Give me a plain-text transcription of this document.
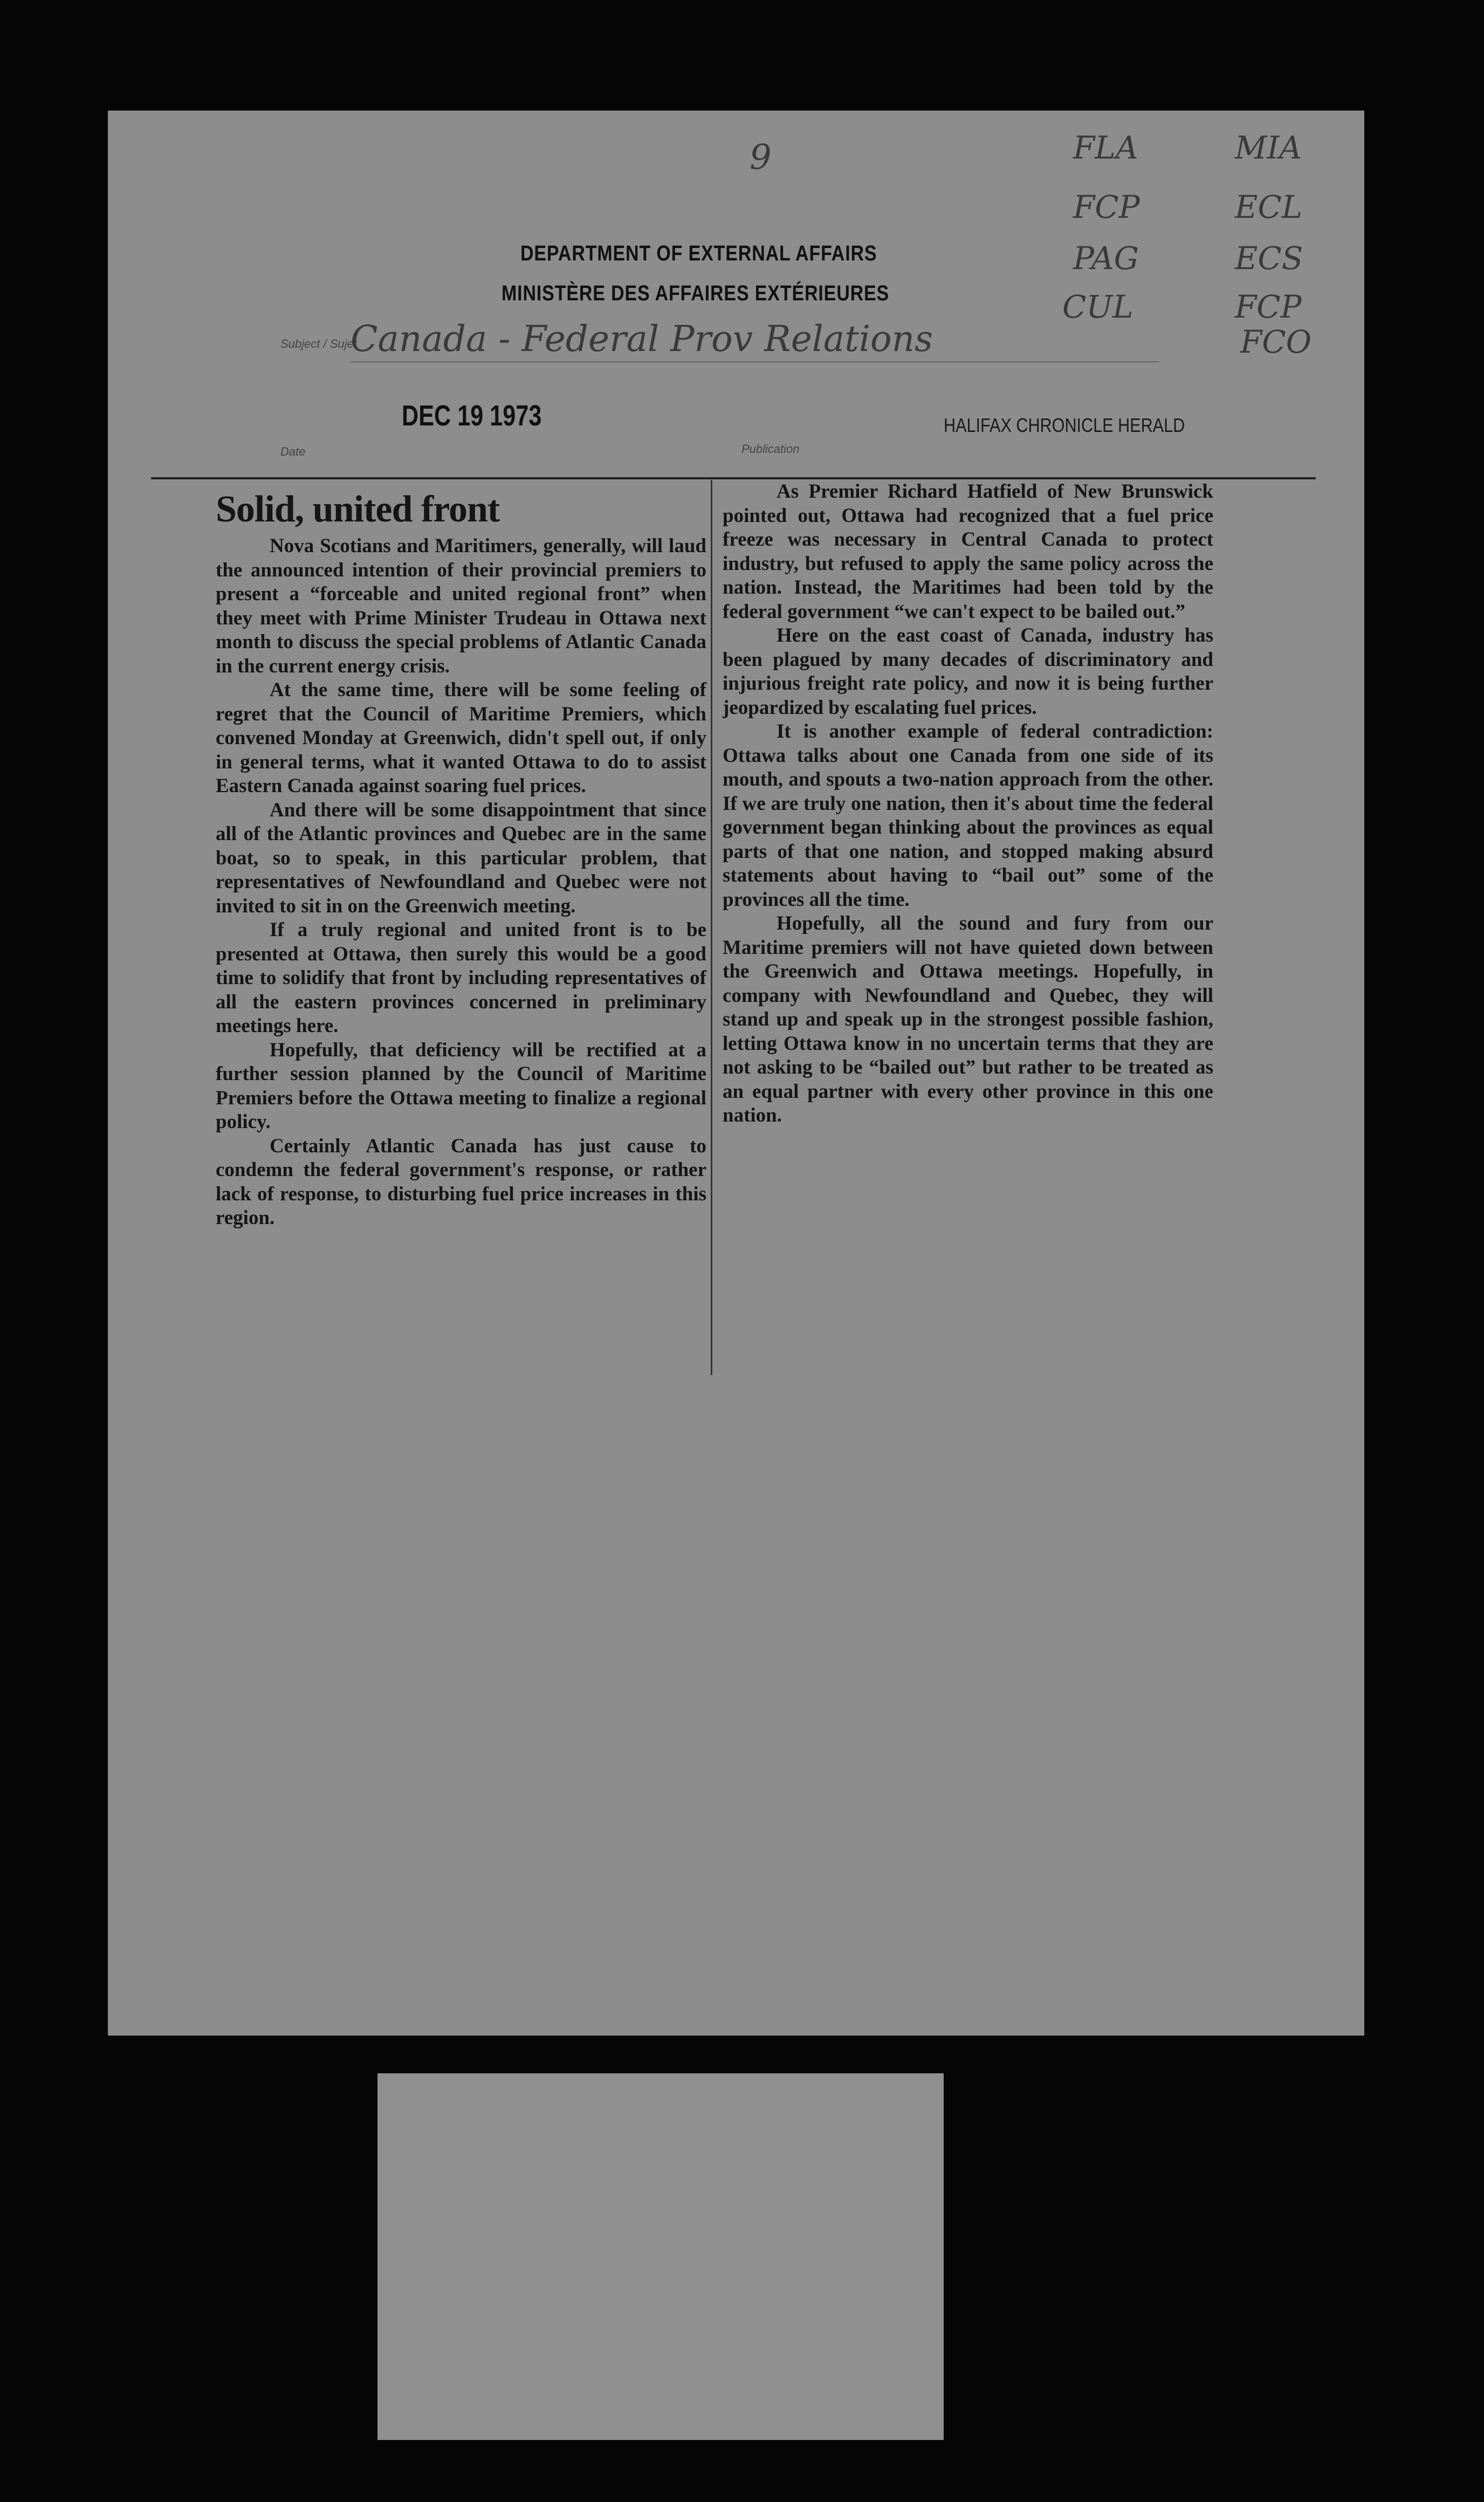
9	FLA	MIA
FCP	ECL
PAG	ECS
CUL	FCP
FCO
DEPARTMENT OF EXTERNAL AFFAIRS
MINISTÈRE DES AFFAIRES EXTÉRIEURES
Subject / Sujet
Canada - Federal Prov Relations
DEC 19 1973
Date	Publication
HALIFAX CHRONICLE HERALD

Solid, united front

Nova Scotians and Maritimers, generally, will laud the announced intention of their provincial premiers to present a “forceable and united regional front” when they meet with Prime Minister Trudeau in Ottawa next month to discuss the special problems of Atlantic Canada in the current energy crisis.

At the same time, there will be some feeling of regret that the Council of Maritime Premiers, which convened Monday at Greenwich, didn't spell out, if only in general terms, what it wanted Ottawa to do to assist Eastern Canada against soaring fuel prices.

And there will be some disappointment that since all of the Atlantic provinces and Quebec are in the same boat, so to speak, in this particular problem, that representatives of Newfoundland and Quebec were not invited to sit in on the Greenwich meeting.

If a truly regional and united front is to be presented at Ottawa, then surely this would be a good time to solidify that front by including representatives of all the eastern provinces concerned in preliminary meetings here.

Hopefully, that deficiency will be rectified at a further session planned by the Council of Maritime Premiers before the Ottawa meeting to finalize a regional policy.

Certainly Atlantic Canada has just cause to condemn the federal government's response, or rather lack of response, to disturbing fuel price increases in this region.

As Premier Richard Hatfield of New Brunswick pointed out, Ottawa had recognized that a fuel price freeze was necessary in Central Canada to protect industry, but refused to apply the same policy across the nation. Instead, the Maritimes had been told by the federal government “we can't expect to be bailed out.”

Here on the east coast of Canada, industry has been plagued by many decades of discriminatory and injurious freight rate policy, and now it is being further jeopardized by escalating fuel prices.

It is another example of federal contradiction: Ottawa talks about one Canada from one side of its mouth, and spouts a two-nation approach from the other. If we are truly one nation, then it's about time the federal government began thinking about the provinces as equal parts of that one nation, and stopped making absurd statements about having to “bail out” some of the provinces all the time.

Hopefully, all the sound and fury from our Maritime premiers will not have quieted down between the Greenwich and Ottawa meetings. Hopefully, in company with Newfoundland and Quebec, they will stand up and speak up in the strongest possible fashion, letting Ottawa know in no uncertain terms that they are not asking to be “bailed out” but rather to be treated as an equal partner with every other province in this one nation.
